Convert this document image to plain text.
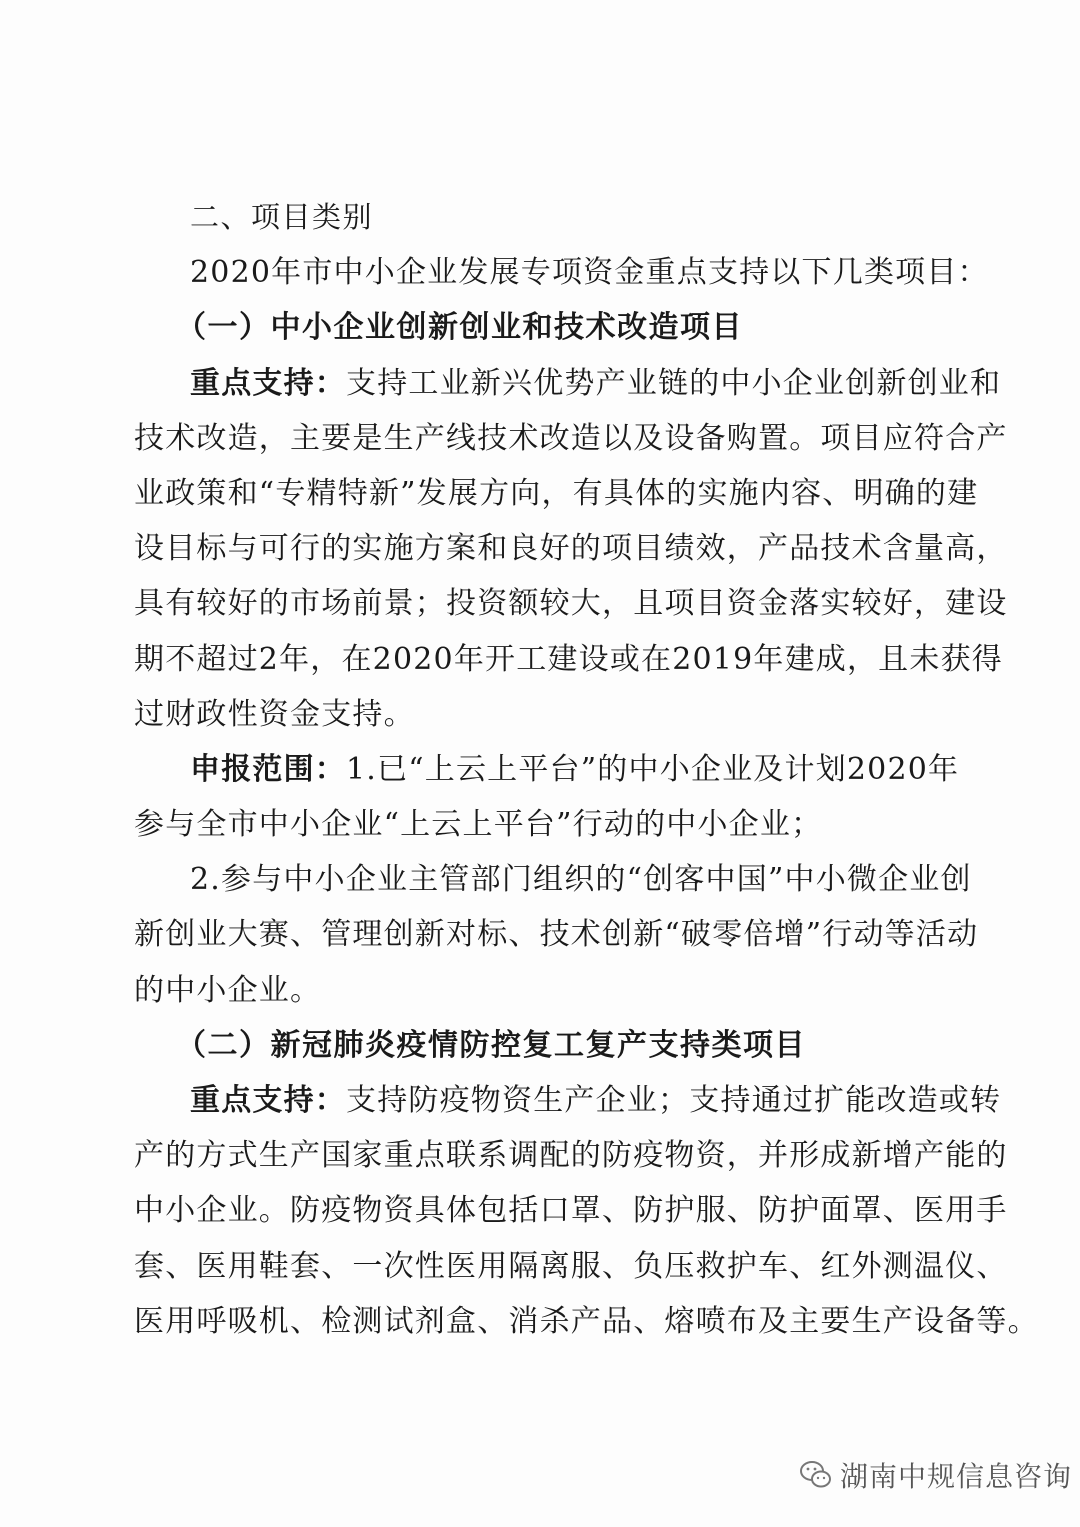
二、项目类别
2020年市中小企业发展专项资金重点支持以下几类项目：
（一）中小企业创新创业和技术改造项目
重点支持：支持工业新兴优势产业链的中小企业创新创业和
技术改造，主要是生产线技术改造以及设备购置。项目应符合产
业政策和“专精特新”发展方向，有具体的实施内容、明确的建
设目标与可行的实施方案和良好的项目绩效，产品技术含量高，
具有较好的市场前景；投资额较大，且项目资金落实较好，建设
期不超过2年，在2020年开工建设或在2019年建成，且未获得
过财政性资金支持。
申报范围：1.已“上云上平台”的中小企业及计划2020年
参与全市中小企业“上云上平台”行动的中小企业；
2.参与中小企业主管部门组织的“创客中国”中小微企业创
新创业大赛、管理创新对标、技术创新“破零倍增”行动等活动
的中小企业。
（二）新冠肺炎疫情防控复工复产支持类项目
重点支持：支持防疫物资生产企业；支持通过扩能改造或转
产的方式生产国家重点联系调配的防疫物资，并形成新增产能的
中小企业。防疫物资具体包括口罩、防护服、防护面罩、医用手
套、医用鞋套、一次性医用隔离服、负压救护车、红外测温仪、
医用呼吸机、检测试剂盒、消杀产品、熔喷布及主要生产设备等。
湖南中规信息咨询
